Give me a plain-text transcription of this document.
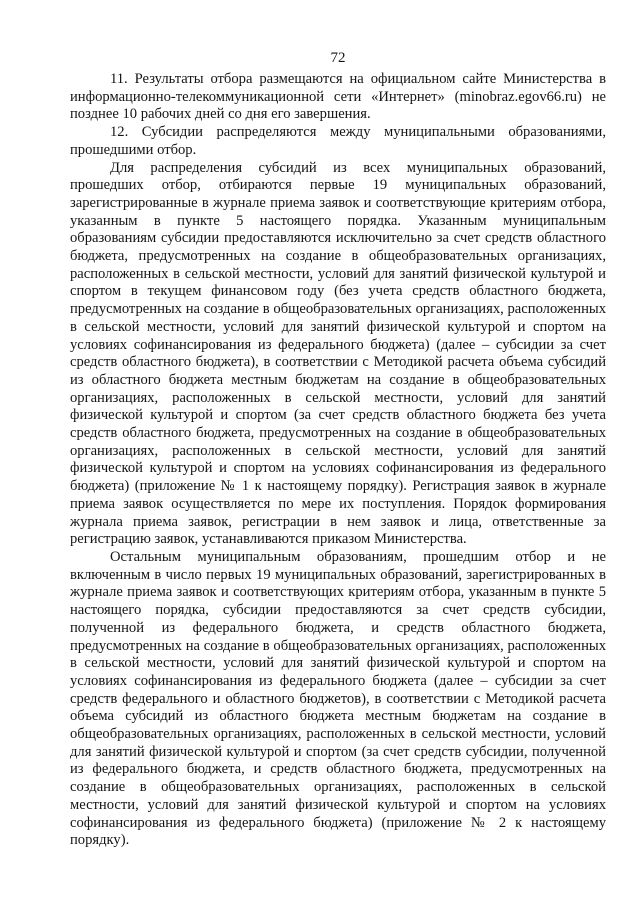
72

11. Результаты отбора размещаются на официальном сайте Министерства в информационно-телекоммуникационной сети «Интернет» (minobraz.egov66.ru) не позднее 10 рабочих дней со дня его завершения.

12. Субсидии распределяются между муниципальными образованиями, прошедшими отбор.

Для распределения субсидий из всех муниципальных образований, прошедших отбор, отбираются первые 19 муниципальных образований, зарегистрированные в журнале приема заявок и соответствующие критериям отбора, указанным в пункте 5 настоящего порядка. Указанным муниципальным образованиям субсидии предоставляются исключительно за счет средств областного бюджета, предусмотренных на создание в общеобразовательных организациях, расположенных в сельской местности, условий для занятий физической культурой и спортом в текущем финансовом году (без учета средств областного бюджета, предусмотренных на создание в общеобразовательных организациях, расположенных в сельской местности, условий для занятий физической культурой и спортом на условиях софинансирования из федерального бюджета) (далее – субсидии за счет средств областного бюджета), в соответствии с Методикой расчета объема субсидий из областного бюджета местным бюджетам на создание в общеобразовательных организациях, расположенных в сельской местности, условий для занятий физической культурой и спортом (за счет средств областного бюджета без учета средств областного бюджета, предусмотренных на создание в общеобразовательных организациях, расположенных в сельской местности, условий для занятий физической культурой и спортом на условиях софинансирования из федерального бюджета) (приложение № 1 к настоящему порядку). Регистрация заявок в журнале приема заявок осуществляется по мере их поступления. Порядок формирования журнала приема заявок, регистрации в нем заявок и лица, ответственные за регистрацию заявок, устанавливаются приказом Министерства.

Остальным муниципальным образованиям, прошедшим отбор и не включенным в число первых 19 муниципальных образований, зарегистрированных в журнале приема заявок и соответствующих критериям отбора, указанным в пункте 5 настоящего порядка, субсидии предоставляются за счет средств субсидии, полученной из федерального бюджета, и средств областного бюджета, предусмотренных на создание в общеобразовательных организациях, расположенных в сельской местности, условий для занятий физической культурой и спортом на условиях софинансирования из федерального бюджета (далее – субсидии за счет средств федерального и областного бюджетов), в соответствии с Методикой расчета объема субсидий из областного бюджета местным бюджетам на создание в общеобразовательных организациях, расположенных в сельской местности, условий для занятий физической культурой и спортом (за счет средств субсидии, полученной из федерального бюджета, и средств областного бюджета, предусмотренных на создание в общеобразовательных организациях, расположенных в сельской местности, условий для занятий физической культурой и спортом на условиях софинансирования из федерального бюджета) (приложение № 2 к настоящему порядку).
